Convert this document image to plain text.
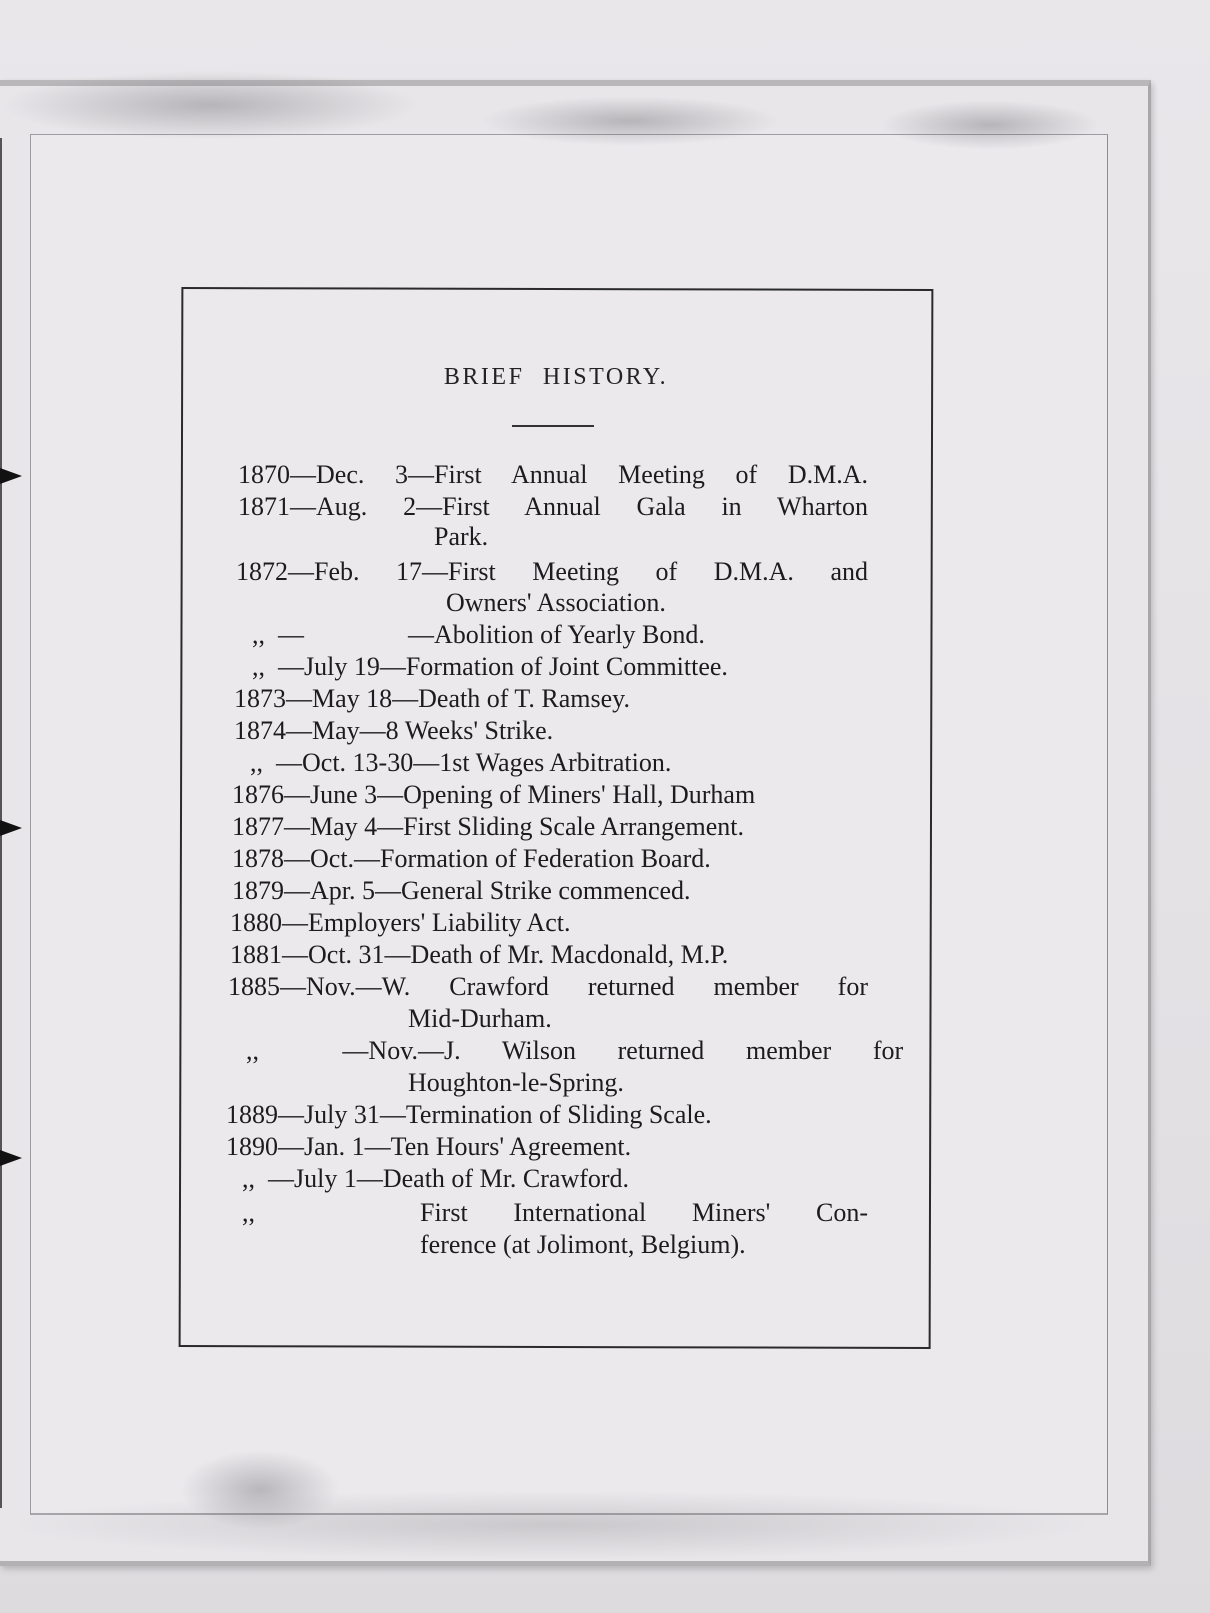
BRIEF HISTORY.
1870—Dec. 3—First Annual Meeting of D.M.A.
1871—Aug. 2—First Annual Gala in Wharton
Park.
1872—Feb. 17—First Meeting of D.M.A. and
Owners' Association.
,,  —                —Abolition of Yearly Bond.
,,  —July 19—Formation of Joint Committee.
1873—May 18—Death of T. Ramsey.
1874—May—8 Weeks' Strike.
,,  —Oct. 13-30—1st Wages Arbitration.
1876—June 3—Opening of Miners' Hall, Durham
1877—May 4—First Sliding Scale Arrangement.
1878—Oct.—Formation of Federation Board.
1879—Apr. 5—General Strike commenced.
1880—Employers' Liability Act.
1881—Oct. 31—Death of Mr. Macdonald, M.P.
1885—Nov.—W. Crawford returned member for
Mid-Durham.
,,  —Nov.—J. Wilson returned member for
Houghton-le-Spring.
1889—July 31—Termination of Sliding Scale.
1890—Jan. 1—Ten Hours' Agreement.
,,  —July 1—Death of Mr. Crawford.
,,	First International Miners' Con-
ference (at Jolimont, Belgium).
